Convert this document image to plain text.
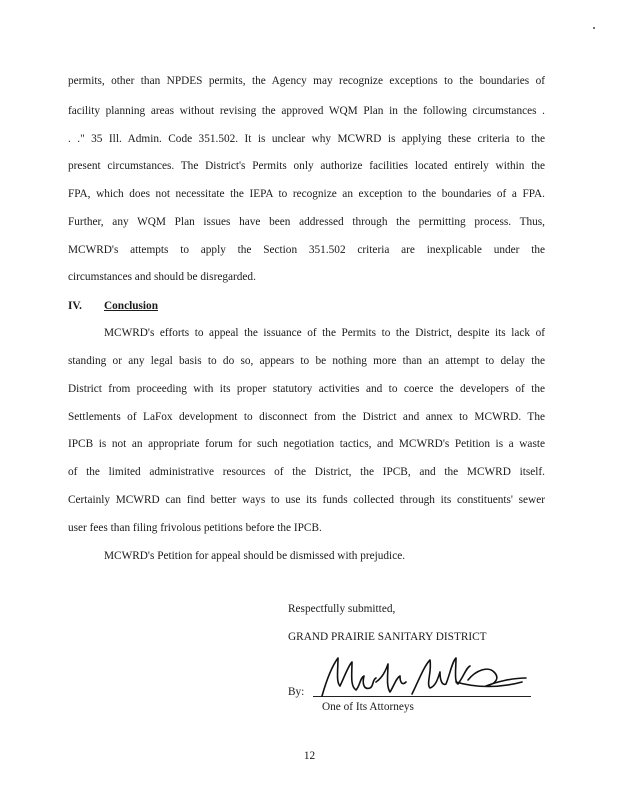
permits, other than NPDES permits, the Agency may recognize exceptions to the boundaries of
facility planning areas without revising the approved WQM Plan in the following circumstances .
. ." 35 Ill. Admin. Code 351.502. It is unclear why MCWRD is applying these criteria to the
present circumstances. The District's Permits only authorize facilities located entirely within the
FPA, which does not necessitate the IEPA to recognize an exception to the boundaries of a FPA.
Further, any WQM Plan issues have been addressed through the permitting process. Thus,
MCWRD's attempts to apply the Section 351.502 criteria are inexplicable under the
circumstances and should be disregarded.
IV. Conclusion
MCWRD's efforts to appeal the issuance of the Permits to the District, despite its lack of
standing or any legal basis to do so, appears to be nothing more than an attempt to delay the
District from proceeding with its proper statutory activities and to coerce the developers of the
Settlements of LaFox development to disconnect from the District and annex to MCWRD. The
IPCB is not an appropriate forum for such negotiation tactics, and MCWRD's Petition is a waste
of the limited administrative resources of the District, the IPCB, and the MCWRD itself.
Certainly MCWRD can find better ways to use its funds collected through its constituents' sewer
user fees than filing frivolous petitions before the IPCB.
MCWRD's Petition for appeal should be dismissed with prejudice.
Respectfully submitted,
GRAND PRAIRIE SANITARY DISTRICT
By:
One of Its Attorneys
12
